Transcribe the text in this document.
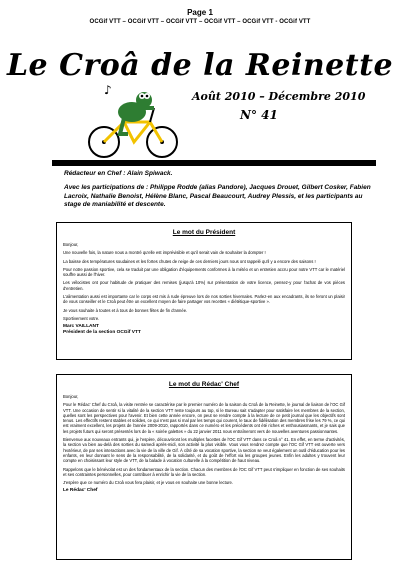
Page 1
OCGif VTT – OCGif VTT – OCGif VTT – OCGif VTT – OCGif VTT - OCGif VTT
Le Croâ de la Reinette
♪	Août 2010 – Décembre 2010
N° 41
Rédacteur en Chef : Alain Spiwack.
Avec les participations de : Philippe Rodde (alias Pandore), Jacques Drouet, Gilbert Cosker, Fabien Lacroix, Nathalie Benoist, Hélène Blanc, Pascal Beaucourt, Audrey Plessis, et les participants au stage de maniabilité et descente.
Le mot du Président

Bonjour,

Une nouvelle fois, la nature nous a montré qu'elle est imprévisible et qu'il serait vain de souhaiter la dompter !

La baisse des températures soudaines et les fortes chutes de neige de ces derniers jours nous ont rappelé qu'il y a encore des saisons !

Pour notre passion sportive, cela se traduit par une obligation d'équipements conformes à la météo et un entretien accru pour notre VTT car le matériel souffre aussi de l'hiver.

Les vélocistes ont pour habitude de pratiquer des remises (jusqu'à 10%) sur présentation de votre licence, pensez-y pour l'achat de vos pièces d'entretien.

L'alimentation aussi est importante car le corps est mis à rude épreuve lors de nos sorties hivernales. Parlez-en aux encadrants, ils se feront un plaisir de vous conseiller et le Croâ peut être un excellent moyen de faire partager vos recettes « diététique-sportive ».

Je vous souhaite à toutes et à tous de bonnes fêtes de fin d'année.

Sportivement votre.

Marc VAILLANT
Président de la section OCGif VTT
Le mot du Rédac' Chef

Bonjour,

Pour le Rédac' Chef du Croâ, la visite rentrée se caractérise par le premier numéro de la saison du Croâ de la Reinette, le journal de liaison de l'OC Gif VTT. Une occasion de sentir si la vitalité de la section VTT reste toujours au top, si le Bureau sait s'adapter pour satisfaire les membres de la section, quelles sont les perspectives pour l'avenir. Et bien cette année encore, on peut se rendre compte à la lecture de ce petit journal que les objectifs sont tenus. Les effectifs restent stables et solides, ce qui n'est pas si mal par les temps qui courent, le taux de fidélisation des membres frise les 79 %, ce qui est vraiment excellent, les projets de l'année 2009-2010, rapportés dans ce numéro et les précédents ont été riches et enthousiasmants, et je sais que les projets futurs qui seront présentés lors de la « soirée galettes » du 22 janvier 2011 nous entraîneront vers de nouvelles aventures passionnantes.

Bienvenue aux nouveaux entrants qui, je l'espère, découvriront les multiples facettes de l'OC Gif VTT dans ce Croâ n° 41. En effet, en terme d'activités, la section va bien au-delà des sorties du samedi après-midi, son activité la plus visible. Vous vous rendrez compte que l'OC Gif VTT est ouverte vers l'extérieur, de par ses interactions avec la vie de la ville de Gif. À côté de sa vocation sportive, la section se veut également un outil d'éducation pour les enfants, en leur donnant le sens de la responsabilité, de la solidarité, et du goût de l'effort via les groupes jeunes. Enfin les adultes y trouvent leur compte en choisissant leur style de VTT, de la balade à vocation culturelle à la compétition de haut niveau.

Rappelons que le bénévolat est un des fondamentaux de la section. Chacun des membres de l'OC Gif VTT peut s'impliquer en fonction de ses souhaits et ses contraintes personnelles, pour contribuer à enrichir la vie de la section.

J'espère que ce numéro du Croâ vous fera plaisir, et je vous en souhaite une bonne lecture.

Le Rédac' Chef
